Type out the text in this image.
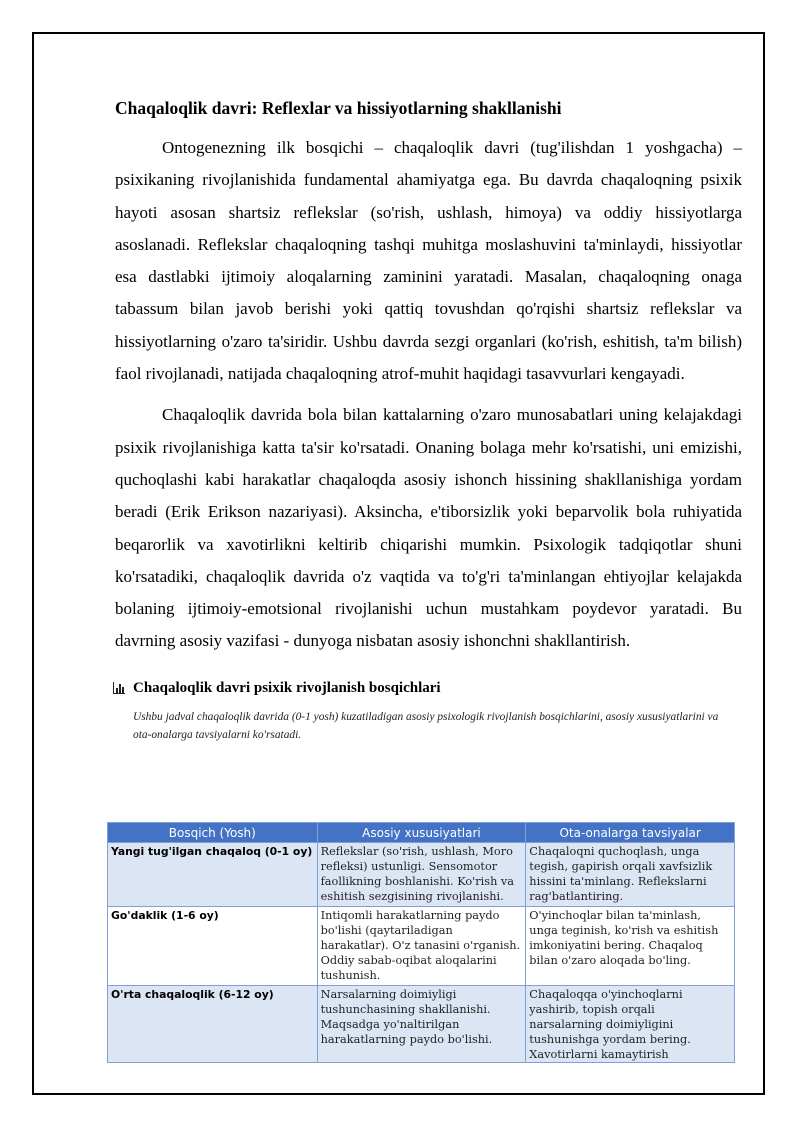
Chaqaloqlik davri: Reflexlar va hissiyotlarning shakllanishi

Ontogenezning ilk bosqichi – chaqaloqlik davri (tug'ilishdan 1 yoshgacha) – psixikaning rivojlanishida fundamental ahamiyatga ega. Bu davrda chaqaloqning psixik hayoti asosan shartsiz reflekslar (so'rish, ushlash, himoya) va oddiy hissiyotlarga asoslanadi. Reflekslar chaqaloqning tashqi muhitga moslashuvini ta'minlaydi, hissiyotlar esa dastlabki ijtimoiy aloqalarning zaminini yaratadi. Masalan, chaqaloqning onaga tabassum bilan javob berishi yoki qattiq tovushdan qo'rqishi shartsiz reflekslar va hissiyotlarning o'zaro ta'siridir. Ushbu davrda sezgi organlari (ko'rish, eshitish, ta'm bilish) faol rivojlanadi, natijada chaqaloqning atrof-muhit haqidagi tasavvurlari kengayadi.

Chaqaloqlik davrida bola bilan kattalarning o'zaro munosabatlari uning kelajakdagi psixik rivojlanishiga katta ta'sir ko'rsatadi. Onaning bolaga mehr ko'rsatishi, uni emizishi, quchoqlashi kabi harakatlar chaqaloqda asosiy ishonch hissining shakllanishiga yordam beradi (Erik Erikson nazariyasi). Aksincha, e'tiborsizlik yoki beparvolik bola ruhiyatida beqarorlik va xavotirlikni keltirib chiqarishi mumkin. Psixologik tadqiqotlar shuni ko'rsatadiki, chaqaloqlik davrida o'z vaqtida va to'g'ri ta'minlangan ehtiyojlar kelajakda bolaning ijtimoiy-emotsional rivojlanishi uchun mustahkam poydevor yaratadi. Bu davrning asosiy vazifasi - dunyoga nisbatan asosiy ishonchni shakllantirish.

Chaqaloqlik davri psixik rivojlanish bosqichlari
Ushbu jadval chaqaloqlik davrida (0-1 yosh) kuzatiladigan asosiy psixologik rivojlanish bosqichlarini, asosiy xususiyatlarini va ota-onalarga tavsiyalarni ko'rsatadi.
Bosqich (Yosh)	Asosiy xususiyatlari	Ota-onalarga tavsiyalar
Yangi tug'ilgan chaqaloq (0-1 oy)	Reflekslar (so'rish, ushlash, Moro refleksi) ustunligi. Sensomotor faollikning boshlanishi. Ko'rish va eshitish sezgisining rivojlanishi.	Chaqaloqni quchoqlash, unga tegish, gapirish orqali xavfsizlik hissini ta'minlang. Reflekslarni rag'batlantiring.
Go'daklik (1-6 oy)	Intiqomli harakatlarning paydo bo'lishi (qaytariladigan harakatlar). O'z tanasini o'rganish. Oddiy sabab-oqibat aloqalarini tushunish.	O'yinchoqlar bilan ta'minlash, unga teginish, ko'rish va eshitish imkoniyatini bering. Chaqaloq bilan o'zaro aloqada bo'ling.
O'rta chaqaloqlik (6-12 oy)	Narsalarning doimiyligi tushunchasining shakllanishi. Maqsadga yo'naltirilgan harakatlarning paydo bo'lishi.	Chaqaloqqa o'yinchoqlarni yashirib, topish orqali narsalarning doimiyligini tushunishga yordam bering. Xavotirlarni kamaytirish
